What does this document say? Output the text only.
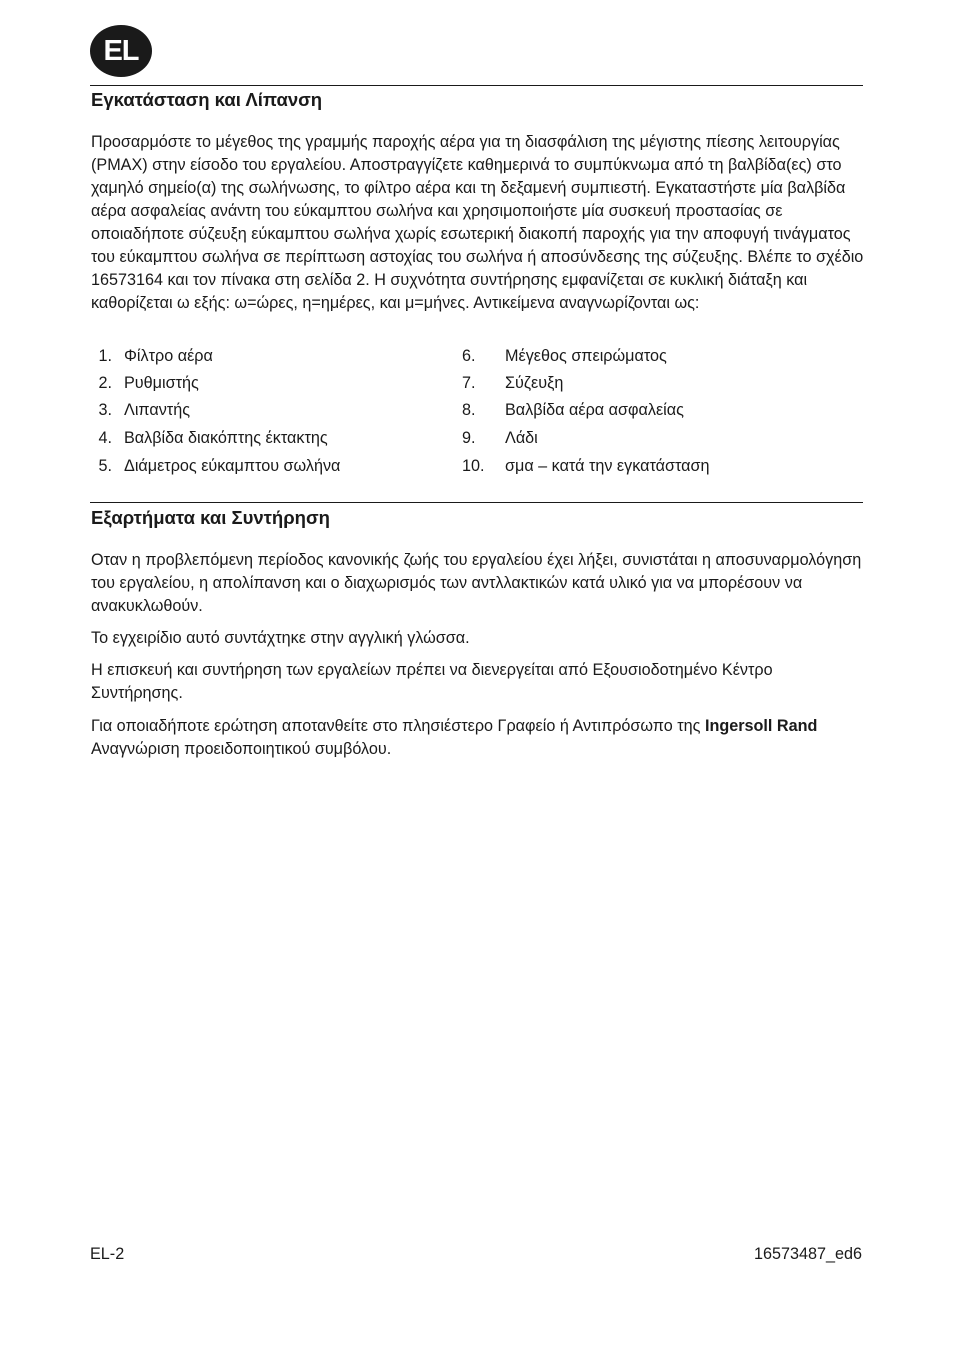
EL
Εγκατάσταση και Λίπανση

Προσαρμόστε το μέγεθος της γραμμής παροχής αέρα για τη διασφάλιση της μέγιστης πίεσης λειτουργίας (PMAX) στην είσοδο του εργαλείου. Αποστραγγίζετε καθημερινά το συμπύκνωμα από τη βαλβίδα(ες) στο χαμηλό σημείο(α) της σωλήνωσης, το φίλτρο αέρα και τη δεξαμενή συμπιεστή. Εγκαταστήστε μία βαλβίδα αέρα ασφαλείας ανάντη του εύκαμπτου σωλήνα και χρησιμοποιήστε μία συσκευή προστασίας σε οποιαδήποτε σύζευξη εύκαμπτου σωλήνα χωρίς εσωτερική διακοπή παροχής για την αποφυγή τινάγματος του εύκαμπτου σωλήνα σε περίπτωση αστοχίας του σωλήνα ή αποσύνδεσης της σύζευξης. Βλέπε το σχέδιο 16573164 και τον πίνακα στη σελίδα 2. Η συχνότητα συντήρησης εμφανίζεται σε κυκλική διάταξη και καθορίζεται ω εξής: ω=ώρες, η=ημέρες, και μ=μήνες. Αντικείμενα αναγνωρίζονται ως:

1. Φίλτρο αέρα
2. Ρυθμιστής
3. Λιπαντής
4. Βαλβίδα διακόπτης έκτακτης
5. Διάμετρος εύκαμπτου σωλήνα
6. Μέγεθος σπειρώματος
7. Σύζευξη
8. Βαλβίδα αέρα ασφαλείας
9. Λάδι
10. σμα – κατά την εγκατάσταση
Εξαρτήματα και Συντήρηση

Οταν η προβλεπόμενη περίοδος κανονικής ζωής του εργαλείου έχει λήξει, συνιστάται η αποσυναρμολόγηση του εργαλείου, η απολίπανση και ο διαχωρισμός των αντλλακτικών κατά υλικό για να μπορέσουν να ανακυκλωθούν.

Το εγχειρίδιο αυτό συντάχτηκε στην αγγλική γλώσσα.

Η επισκευή και συντήρηση των εργαλείων πρέπει να διενεργείται από Εξουσιοδοτημένο Κέντρο Συντήρησης.

Για οποιαδήποτε ερώτηση αποτανθείτε στο πλησιέστερο Γραφείο ή Αντιπρόσωπο της Ingersoll Rand Αναγνώριση προειδοποιητικού συμβόλου.

EL-2	16573487_ed6
